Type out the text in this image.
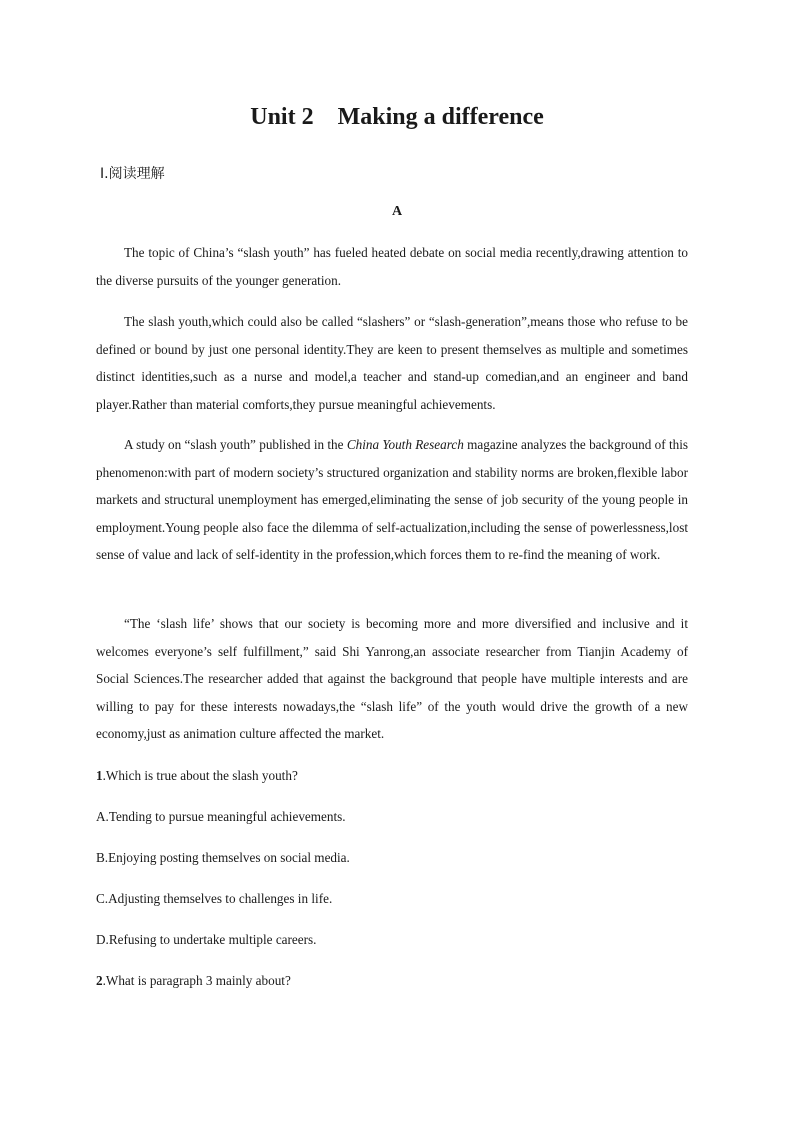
Unit 2    Making a difference
Ⅰ.阅读理解
A

The topic of China’s “slash youth” has fueled heated debate on social media recently,drawing attention to the diverse pursuits of the younger generation.

The slash youth,which could also be called “slashers” or “slash-generation”,means those who refuse to be defined or bound by just one personal identity.They are keen to present themselves as multiple and sometimes distinct identities,such as a nurse and model,a teacher and stand-up comedian,and an engineer and band player.Rather than material comforts,they pursue meaningful achievements.

A study on “slash youth” published in the China Youth Research magazine analyzes the background of this phenomenon:with part of modern society’s structured organization and stability norms are broken,flexible labor markets and structural unemployment has emerged,eliminating the sense of job security of the young people in employment.Young people also face the dilemma of self-actualization,including the sense of powerlessness,lost sense of value and lack of self-identity in the profession,which forces them to re-find the meaning of work.

“The ‘slash life’ shows that our society is becoming more and more diversified and inclusive and it welcomes everyone’s self fulfillment,” said Shi Yanrong,an associate researcher from Tianjin Academy of Social Sciences.The researcher added that against the background that people have multiple interests and are willing to pay for these interests nowadays,the “slash life” of the youth would drive the growth of a new economy,just as animation culture affected the market.

1.Which is true about the slash youth?

A.Tending to pursue meaningful achievements.

B.Enjoying posting themselves on social media.

C.Adjusting themselves to challenges in life.

D.Refusing to undertake multiple careers.

2.What is paragraph 3 mainly about?
